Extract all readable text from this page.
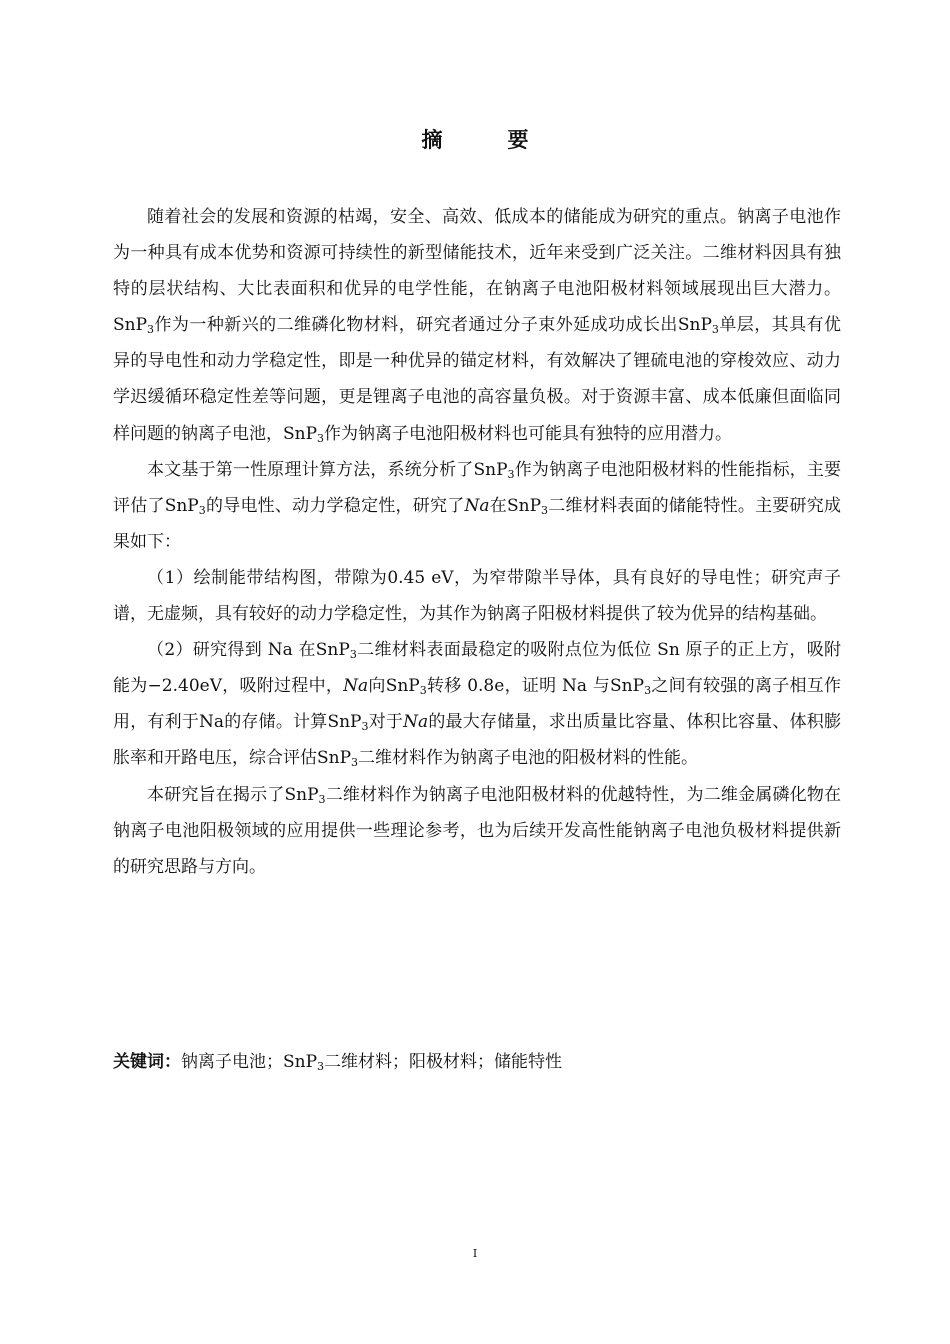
摘　要

随着社会的发展和资源的枯竭，安全、高效、低成本的储能成为研究的重点。钠离子电池作为一种具有成本优势和资源可持续性的新型储能技术，近年来受到广泛关注。二维材料因具有独特的层状结构、大比表面积和优异的电学性能，在钠离子电池阳极材料领域展现出巨大潜力。SnP$_3$作为一种新兴的二维磷化物材料，研究者通过分子束外延成功成长出SnP$_3$单层，其具有优异的导电性和动力学稳定性，即是一种优异的锚定材料，有效解决了锂硫电池的穿梭效应、动力学迟缓循环稳定性差等问题，更是锂离子电池的高容量负极。对于资源丰富、成本低廉但面临同样问题的钠离子电池，SnP$_3$作为钠离子电池阳极材料也可能具有独特的应用潜力。

本文基于第一性原理计算方法，系统分析了SnP$_3$作为钠离子电池阳极材料的性能指标，主要评估了SnP$_3$的导电性、动力学稳定性，研究了Na在SnP$_3$二维材料表面的储能特性。主要研究成果如下：

（1）绘制能带结构图，带隙为0.45 eV，为窄带隙半导体，具有良好的导电性；研究声子谱，无虚频，具有较好的动力学稳定性，为其作为钠离子阳极材料提供了较为优异的结构基础。

（2）研究得到 Na 在SnP$_3$二维材料表面最稳定的吸附点位为低位 Sn 原子的正上方，吸附能为−2.40eV，吸附过程中，Na向SnP$_3$转移 0.8e，证明 Na 与SnP$_3$之间有较强的离子相互作用，有利于Na的存储。计算SnP$_3$对于Na的最大存储量，求出质量比容量、体积比容量、体积膨胀率和开路电压，综合评估SnP$_3$二维材料作为钠离子电池的阳极材料的性能。

本研究旨在揭示了SnP$_3$二维材料作为钠离子电池阳极材料的优越特性，为二维金属磷化物在钠离子电池阳极领域的应用提供一些理论参考，也为后续开发高性能钠离子电池负极材料提供新的研究思路与方向。

关键词：钠离子电池；SnP$_3$二维材料；阳极材料；储能特性

I
